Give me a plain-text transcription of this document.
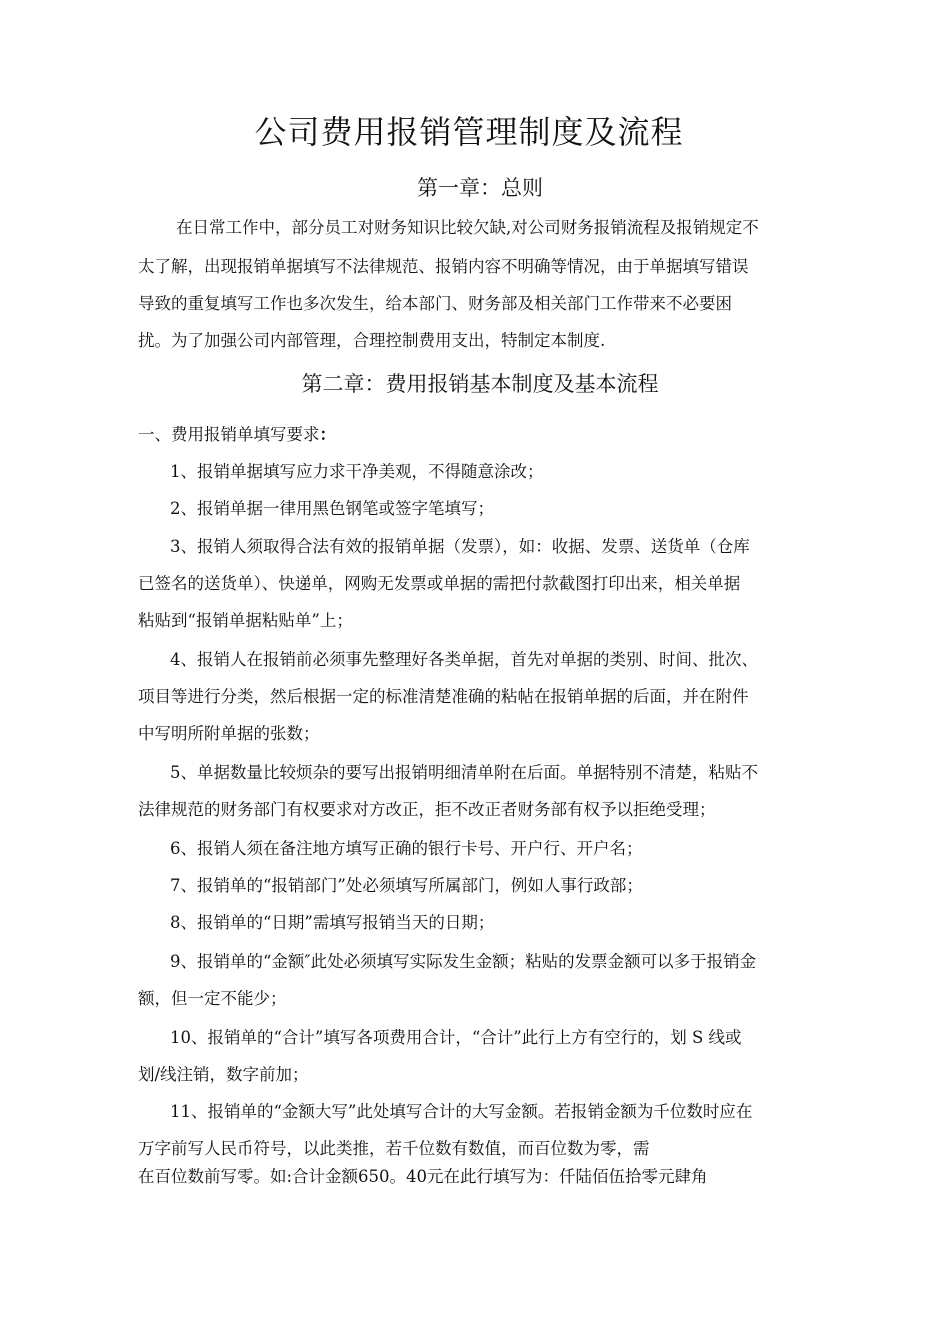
公司费用报销管理制度及流程
第一章：总则

在日常工作中，部分员工对财务知识比较欠缺,对公司财务报销流程及报销规定不

太了解，出现报销单据填写不法律规范、报销内容不明确等情况，由于单据填写错误

导致的重复填写工作也多次发生，给本部门、财务部及相关部门工作带来不必要困

扰。为了加强公司内部管理，合理控制费用支出，特制定本制度.

第二章：费用报销基本制度及基本流程

一、费用报销单填写要求：

1、报销单据填写应力求干净美观，不得随意涂改；

2、报销单据一律用黑色钢笔或签字笔填写；

3、报销人须取得合法有效的报销单据（发票），如：收据、发票、送货单（仓库

已签名的送货单）、快递单，网购无发票或单据的需把付款截图打印出来，相关单据

粘贴到“报销单据粘贴单”上；

4、报销人在报销前必须事先整理好各类单据，首先对单据的类别、时间、批次、

项目等进行分类，然后根据一定的标准清楚准确的粘帖在报销单据的后面，并在附件

中写明所附单据的张数；

5、单据数量比较烦杂的要写出报销明细清单附在后面。单据特别不清楚，粘贴不

法律规范的财务部门有权要求对方改正，拒不改正者财务部有权予以拒绝受理；

6、报销人须在备注地方填写正确的银行卡号、开户行、开户名；

7、报销单的“报销部门”处必须填写所属部门，例如人事行政部；

8、报销单的“日期”需填写报销当天的日期；

9、报销单的“金额″此处必须填写实际发生金额；粘贴的发票金额可以多于报销金

额，但一定不能少；

10、报销单的“合计”填写各项费用合计，“合计”此行上方有空行的，划 S 线或

划/线注销，数字前加；

11、报销单的“金额大写”此处填写合计的大写金额。若报销金额为千位数时应在

万字前写人民币符号，以此类推，若千位数有数值，而百位数为零，需

在百位数前写零。如:合计金额650。40元在此行填写为：仟陆佰伍拾零元肆角
